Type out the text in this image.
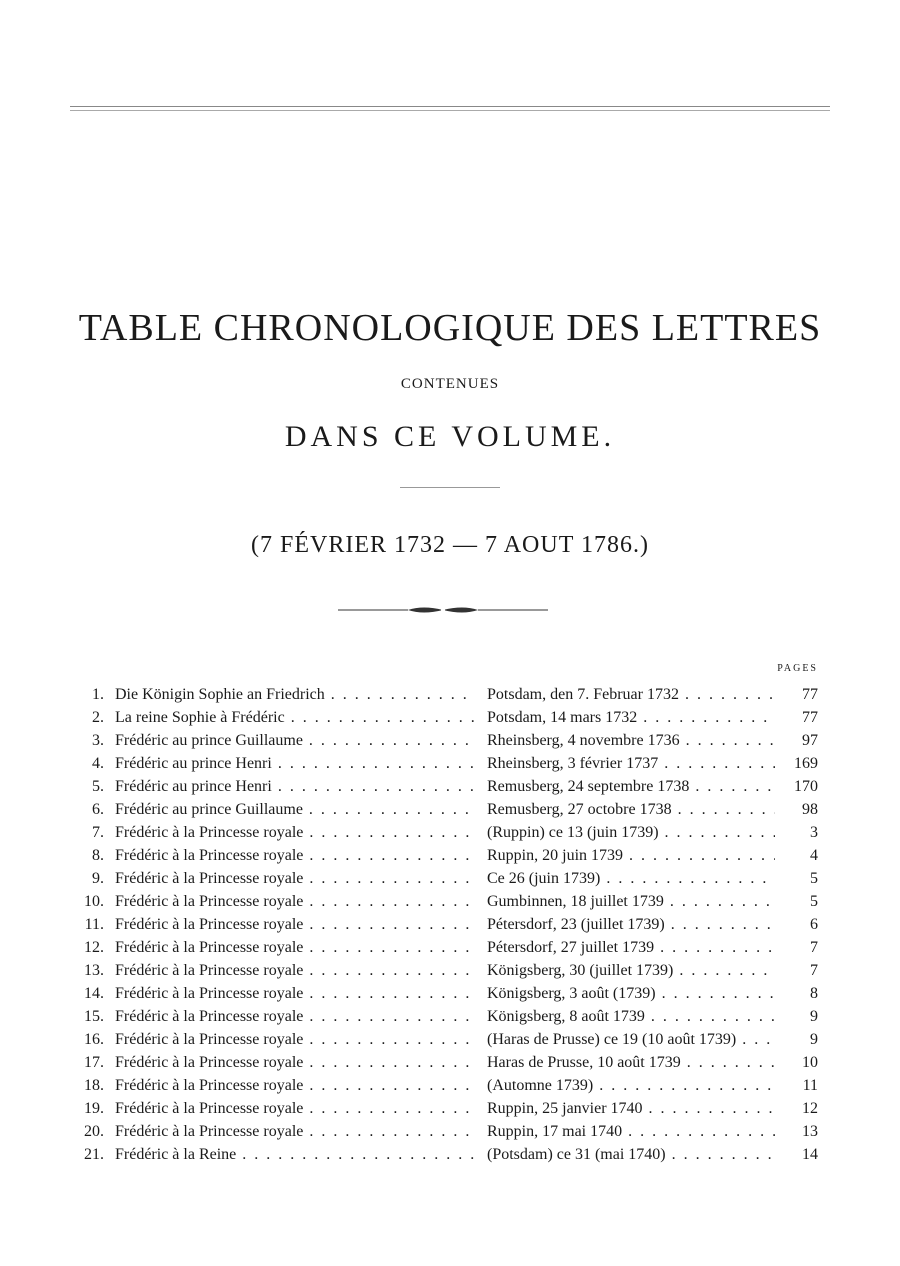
TABLE CHRONOLOGIQUE DES LETTRES
CONTENUES
DANS CE VOLUME.
(7 FÉVRIER 1732 — 7 AOUT 1786.)
PAGES
1. Die Königin Sophie an Friedrich . . .	Potsdam, den 7. Februar 1732 . . .	77
2. La reine Sophie à Frédéric . . .	Potsdam, 14 mars 1732 . . .	77
3. Frédéric au prince Guillaume . . .	Rheinsberg, 4 novembre 1736 . . .	97
4. Frédéric au prince Henri . . .	Rheinsberg, 3 février 1737 . . .	169
5. Frédéric au prince Henri . . .	Remusberg, 24 septembre 1738 . . .	170
6. Frédéric au prince Guillaume . . .	Remusberg, 27 octobre 1738 . . .	98
7. Frédéric à la Princesse royale . . .	(Ruppin) ce 13 (juin 1739) . . .	3
8. Frédéric à la Princesse royale . . .	Ruppin, 20 juin 1739 . . .	4
9. Frédéric à la Princesse royale . . .	Ce 26 (juin 1739) . . .	5
10. Frédéric à la Princesse royale . . .	Gumbinnen, 18 juillet 1739 . . .	5
11. Frédéric à la Princesse royale . . .	Pétersdorf, 23 (juillet 1739) . . .	6
12. Frédéric à la Princesse royale . . .	Pétersdorf, 27 juillet 1739 . . .	7
13. Frédéric à la Princesse royale . . .	Königsberg, 30 (juillet 1739) . . .	7
14. Frédéric à la Princesse royale . . .	Königsberg, 3 août (1739) . . .	8
15. Frédéric à la Princesse royale . . .	Königsberg, 8 août 1739 . . .	9
16. Frédéric à la Princesse royale . . .	(Haras de Prusse) ce 19 (10 août 1739) . . .	9
17. Frédéric à la Princesse royale . . .	Haras de Prusse, 10 août 1739 . . .	10
18. Frédéric à la Princesse royale . . .	(Automne 1739) . . .	11
19. Frédéric à la Princesse royale . . .	Ruppin, 25 janvier 1740 . . .	12
20. Frédéric à la Princesse royale . . .	Ruppin, 17 mai 1740 . . .	13
21. Frédéric à la Reine . . .	(Potsdam) ce 31 (mai 1740) . . .	14
